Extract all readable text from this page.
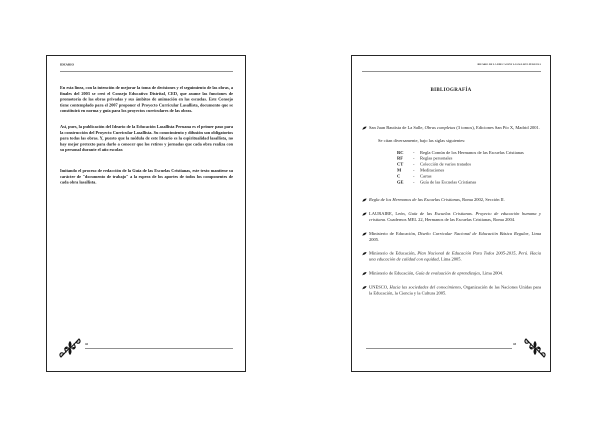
IDEARIO

En esta línea, con la intención de mejorar la toma de decisiones y el seguimiento de las obras, a finales del 2003 se creó el Consejo Educativo Distrital, CED, que asume las funciones de promotoría de las obras privadas y sus ámbitos de animación en las escuelas. Este Consejo tiene contemplado para el 2007 proponer el Proyecto Curricular Lasallista, documento que se constituirá en norma y guía para los proyectos curriculares de las obras.

Así, pues, la publicación del Ideario de la Educación Lasallista Peruana es el primer paso para la construcción del Proyecto Curricular Lasallista. Su conocimiento y difusión son obligatorios para todas las obras. Y, puesto que la médula de este Ideario es la espiritualidad lasallista, no hay mejor pretexto para darlo a conocer que los retiros y jornadas que cada obra realiza con su personal durante el año escolar.

Imitando el proceso de redacción de la Guía de las Escuelas Cristianas, este texto mantiene su carácter de "documento de trabajo" a la espera de los aportes de todos los componentes de cada obra lasallista.

42
IDEARIO DE LA EDUCACIÓN LASALLISTA PERUANA
BIBLIOGRAFÍA
San Juan Bautista de La Salle, Obras completas (3 tomos), Ediciones San Pío X, Madrid 2001.
Se citan diversamente, bajo las siglas siguientes:
RC - Regla Común de los Hermanos de las Escuelas Cristianas
RF - Reglas personales
CT - Colección de varios tratados
M - Meditaciones
C - Cartas
GE - Guía de las Escuelas Cristianas
Regla de los Hermanos de las Escuelas Cristianas, Roma 2002, Sección II.
LAURAIRE, León, Guía de las Escuelas Cristianas. Proyecto de educación humana y cristiana. Cuadernos MEL 22, Hermanos de las Escuelas Cristianas, Roma 2004.
Ministerio de Educación, Diseño Curricular Nacional de Educación Básica Regular, Lima 2005.
Ministerio de Educación, Plan Nacional de Educación Para Todos 2005-2015, Perú. Hacia una educación de calidad con equidad, Lima 2005.
Ministerio de Educación, Guía de evaluación de aprendizajes, Lima 2004.
UNESCO, Hacia las sociedades del conocimiento, Organización de las Naciones Unidas para la Educación, la Ciencia y la Cultura 2005.
43
